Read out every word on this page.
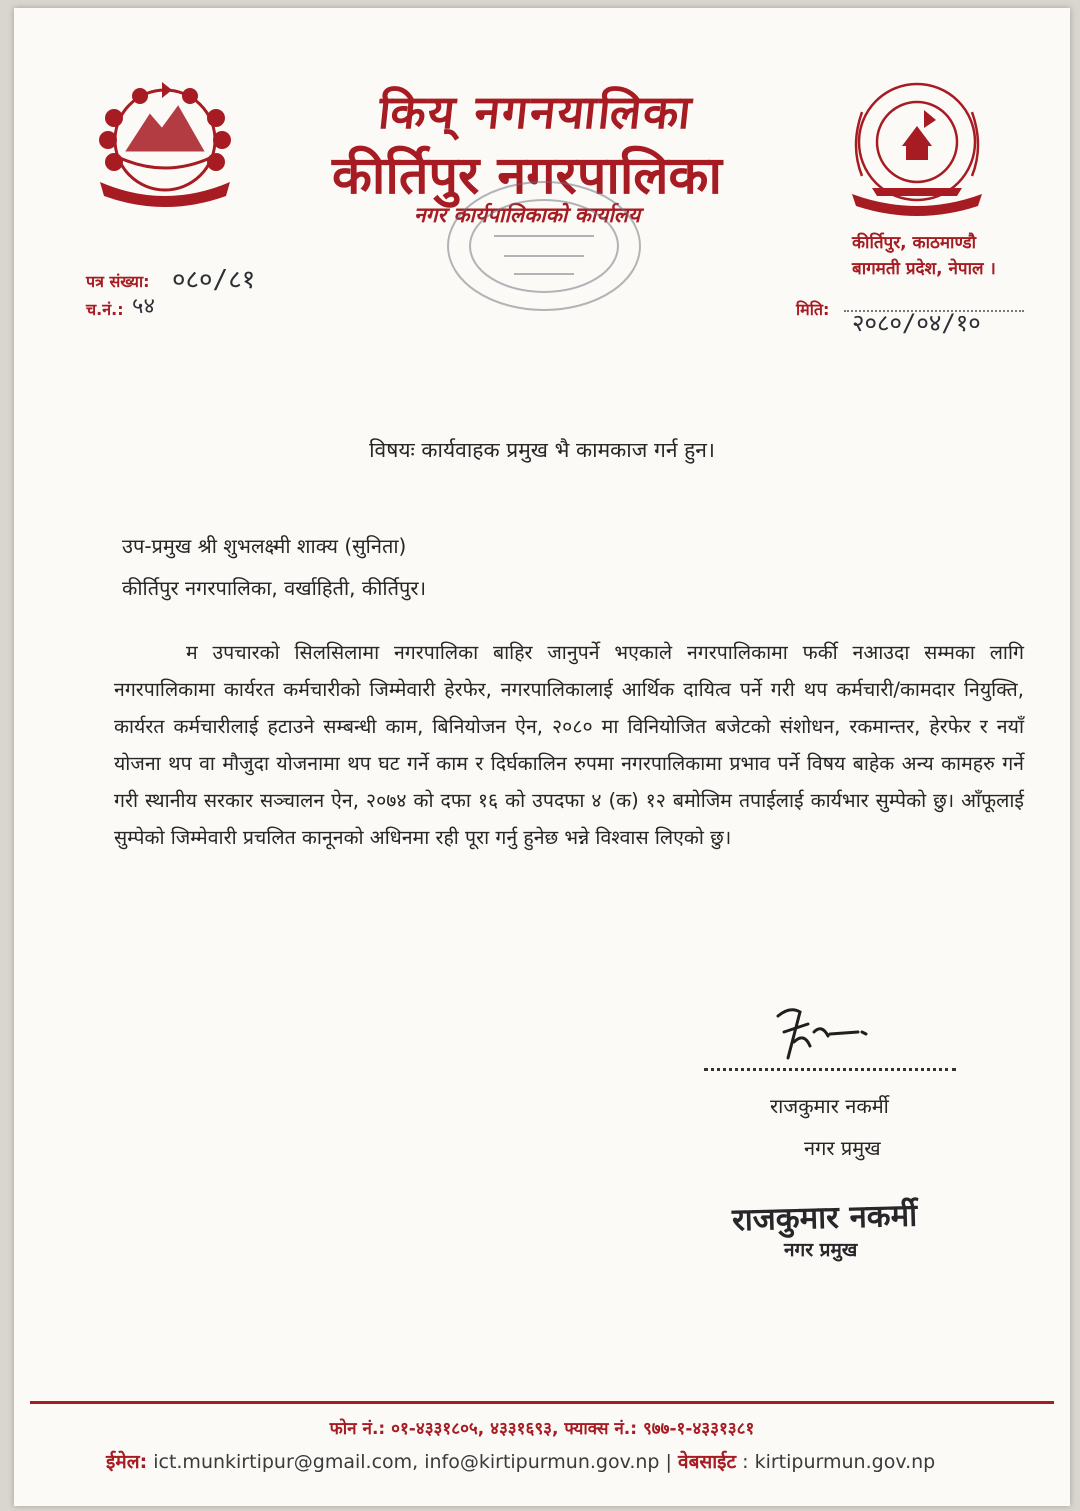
किय् नगनयालिका
कीर्तिपुर नगरपालिका
नगर कार्यपालिकाको कार्यालय
कीर्तिपुर, काठमाण्डौ
बागमती प्रदेश, नेपाल ।
पत्र संख्या: ०८०/८१
च.नं.: ५४	मिति: २०८०/०४/१०
विषयः कार्यवाहक प्रमुख भै कामकाज गर्न हुन।
उप-प्रमुख श्री शुभलक्ष्मी शाक्य (सुनिता)
कीर्तिपुर नगरपालिका, वर्खाहिती, कीर्तिपुर।
म उपचारको सिलसिलामा नगरपालिका बाहिर जानुपर्ने भएकाले नगरपालिकामा फर्की नआउदा सम्मका लागि नगरपालिकामा कार्यरत कर्मचारीको जिम्मेवारी हेरफेर, नगरपालिकालाई आर्थिक दायित्व पर्ने गरी थप कर्मचारी/कामदार नियुक्ति, कार्यरत कर्मचारीलाई हटाउने सम्बन्धी काम, बिनियोजन ऐन, २०८० मा विनियोजित बजेटको संशोधन, रकमान्तर, हेरफेर र नयाँ योजना थप वा मौजुदा योजनामा थप घट गर्ने काम र दिर्घकालिन रुपमा नगरपालिकामा प्रभाव पर्ने विषय बाहेक अन्य कामहरु गर्ने गरी स्थानीय सरकार सञ्चालन ऐन, २०७४ को दफा १६ को उपदफा ४ (क) १२ बमोजिम तपाईलाई कार्यभार सुम्पेको छु। आँफूलाई सुम्पेको जिम्मेवारी प्रचलित कानूनको अधिनमा रही पूरा गर्नु हुनेछ भन्ने विश्वास लिएको छु।
राजकुमार नकर्मी
नगर प्रमुख
राजकुमार नकर्मी
नगर प्रमुख
फोन नं.: ०१-४३३१८०५, ४३३१६९३, फ्याक्स नं.: ९७७-१-४३३१३८१
ईमेल: ict.munkirtipur@gmail.com, info@kirtipurmun.gov.np | वेबसाईट : kirtipurmun.gov.np
